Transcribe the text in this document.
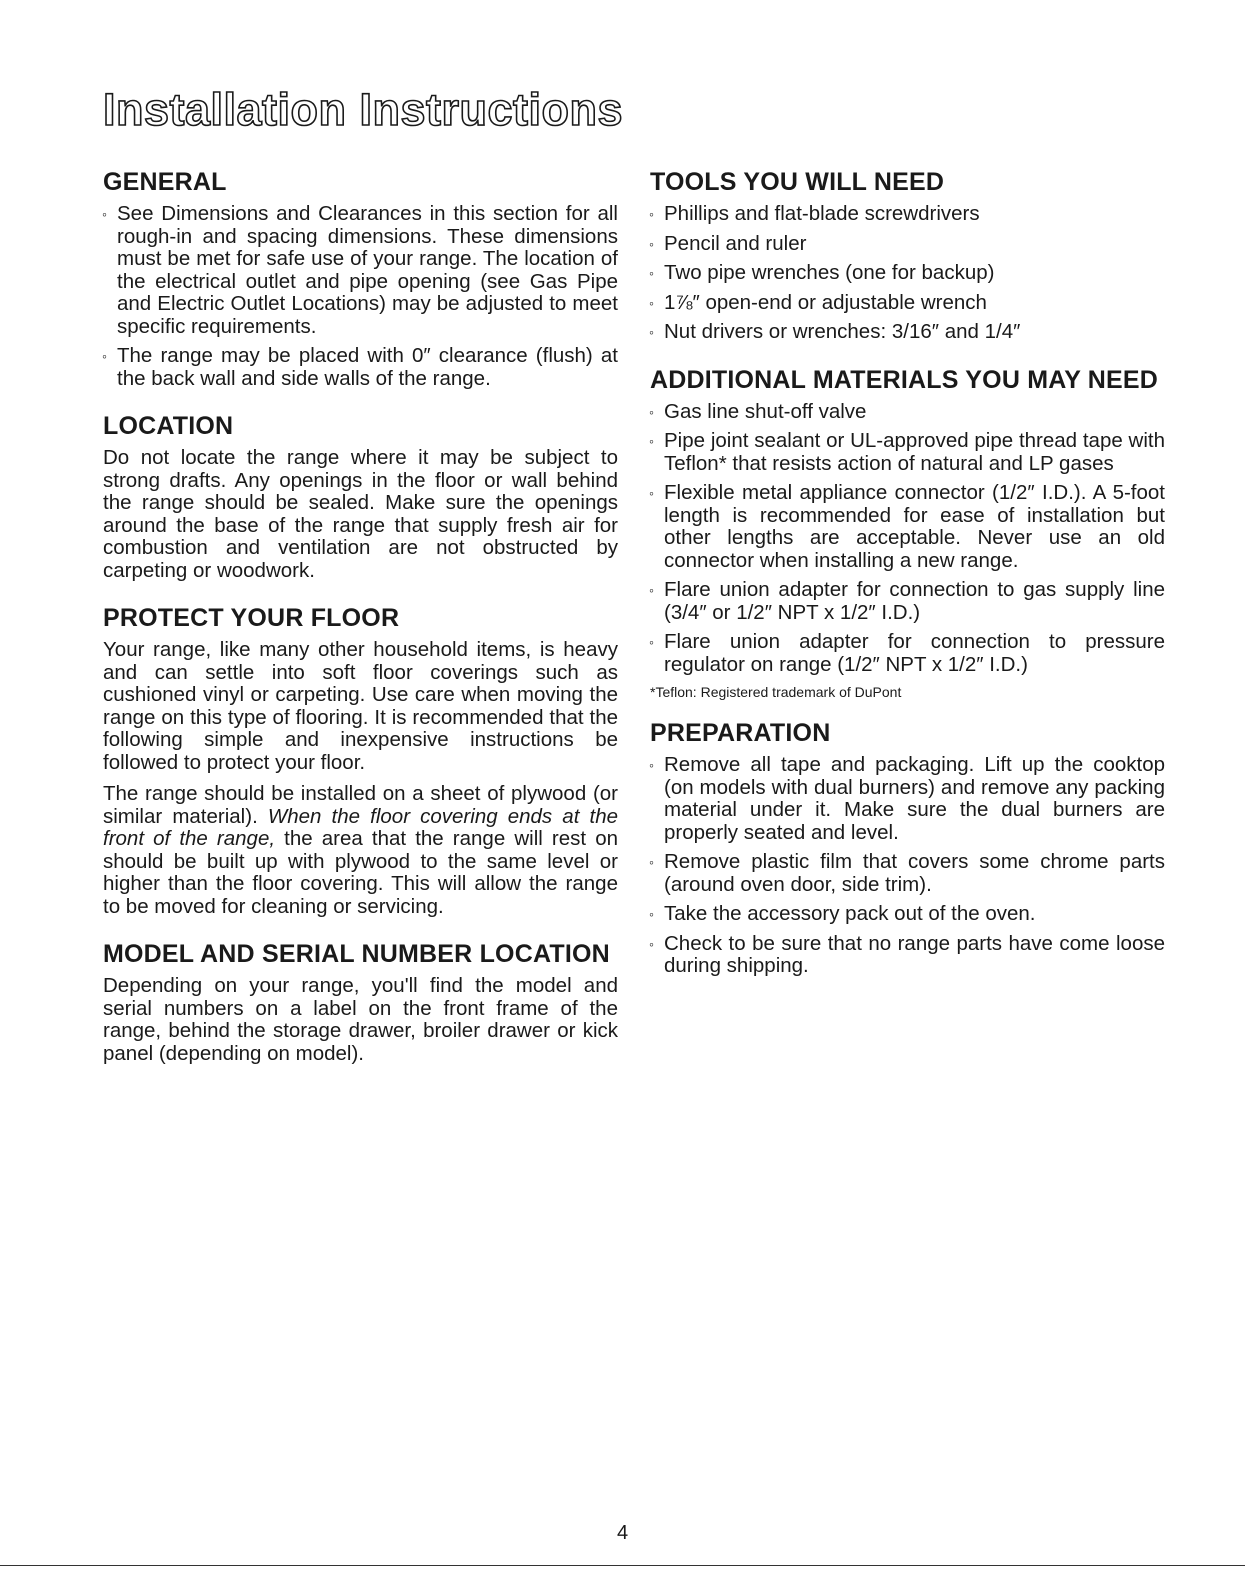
Installation Instructions
GENERAL
◦ See Dimensions and Clearances in this section for all rough-in and spacing dimensions. These dimensions must be met for safe use of your range. The location of the electrical outlet and pipe opening (see Gas Pipe and Electric Outlet Locations) may be adjusted to meet specific requirements.
◦ The range may be placed with 0″ clearance (flush) at the back wall and side walls of the range.
LOCATION

Do not locate the range where it may be subject to strong drafts. Any openings in the floor or wall behind the range should be sealed. Make sure the openings around the base of the range that supply fresh air for combustion and ventilation are not obstructed by carpeting or woodwork.

PROTECT YOUR FLOOR

Your range, like many other household items, is heavy and can settle into soft floor coverings such as cushioned vinyl or carpeting. Use care when moving the range on this type of flooring. It is recommended that the following simple and inexpensive instructions be followed to protect your floor.

The range should be installed on a sheet of plywood (or similar material). When the floor covering ends at the front of the range, the area that the range will rest on should be built up with plywood to the same level or higher than the floor covering. This will allow the range to be moved for cleaning or servicing.

MODEL AND SERIAL NUMBER LOCATION

Depending on your range, you'll find the model and serial numbers on a label on the front frame of the range, behind the storage drawer, broiler drawer or kick panel (depending on model).

TOOLS YOU WILL NEED
◦ Phillips and flat-blade screwdrivers
◦ Pencil and ruler
◦ Two pipe wrenches (one for backup)
◦ 1⅞″ open-end or adjustable wrench
◦ Nut drivers or wrenches: 3/16″ and 1/4″
ADDITIONAL MATERIALS YOU MAY NEED
◦ Gas line shut-off valve
◦ Pipe joint sealant or UL-approved pipe thread tape with Teflon* that resists action of natural and LP gases
◦ Flexible metal appliance connector (1/2″ I.D.). A 5-foot length is recommended for ease of installation but other lengths are acceptable. Never use an old connector when installing a new range.
◦ Flare union adapter for connection to gas supply line (3/4″ or 1/2″ NPT x 1/2″ I.D.)
◦ Flare union adapter for connection to pressure regulator on range (1/2″ NPT x 1/2″ I.D.)

*Teflon: Registered trademark of DuPont

PREPARATION
◦ Remove all tape and packaging. Lift up the cooktop (on models with dual burners) and remove any packing material under it. Make sure the dual burners are properly seated and level.
◦ Remove plastic film that covers some chrome parts (around oven door, side trim).
◦ Take the accessory pack out of the oven.
◦ Check to be sure that no range parts have come loose during shipping.
4
